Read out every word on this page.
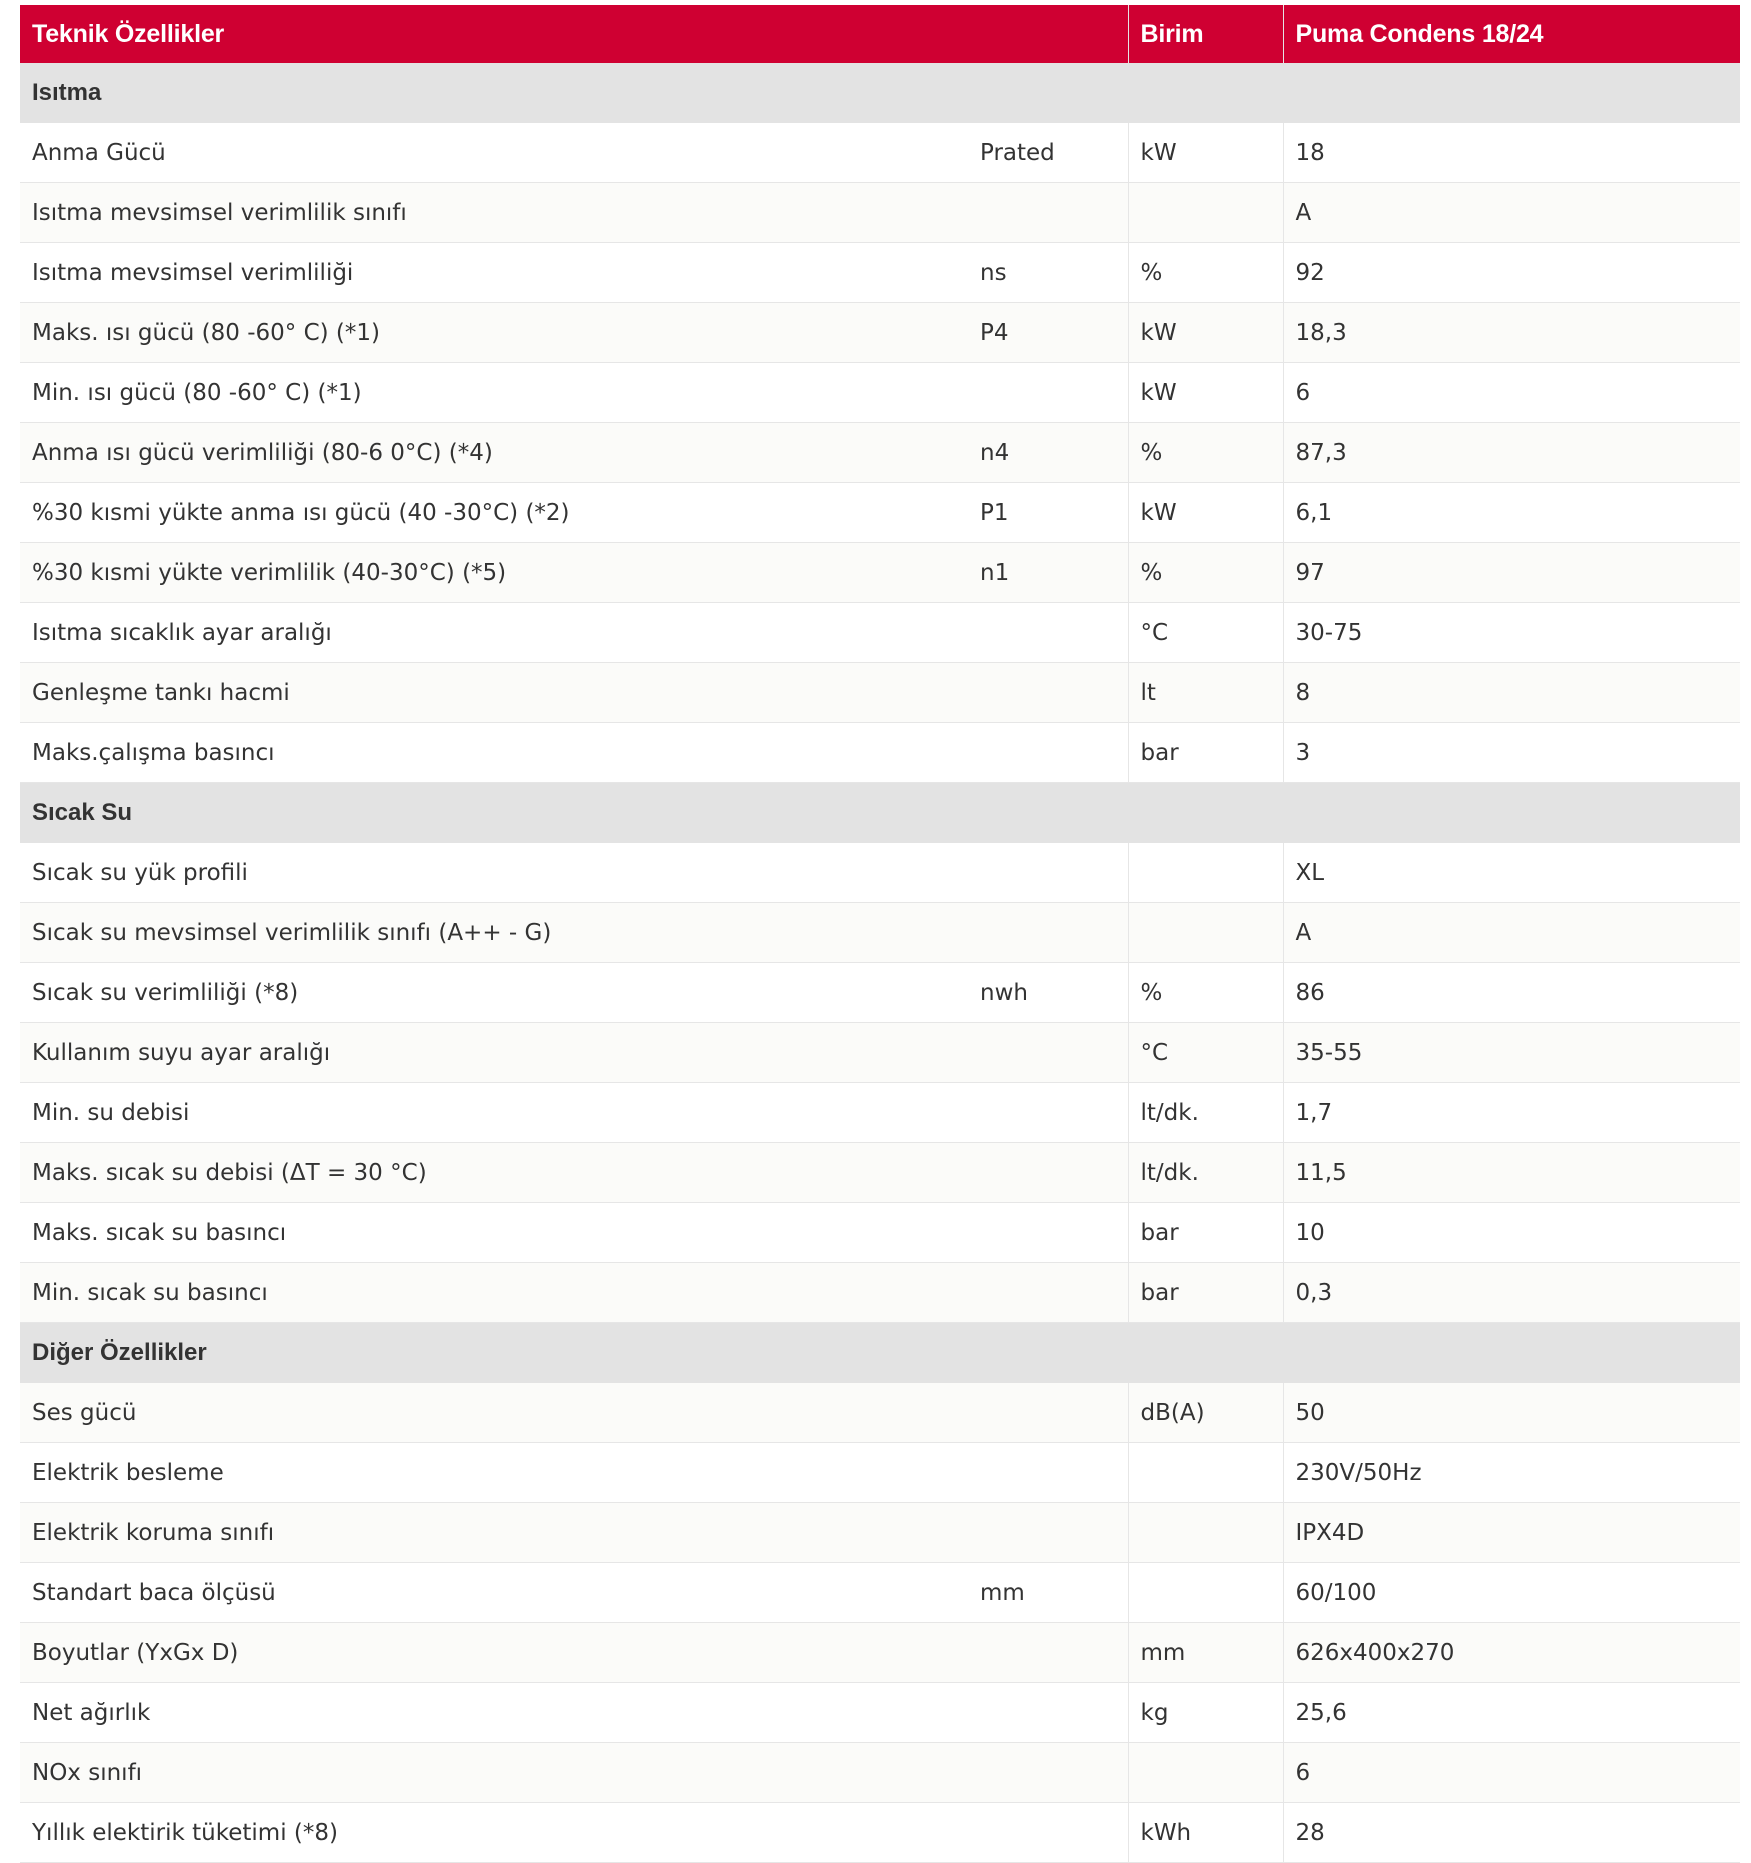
Teknik Özellikler		Birim	Puma Condens 18/24
Isıtma			
Anma Gücü	Prated	kW	18
Isıtma mevsimsel verimlilik sınıfı			A
Isıtma mevsimsel verimliliği	ns	%	92
Maks. ısı gücü (80 -60° C) (*1)	P4	kW	18,3
Min. ısı gücü (80 -60° C) (*1)		kW	6
Anma ısı gücü verimliliği (80-6 0°C) (*4)	n4	%	87,3
%30 kısmi yükte anma ısı gücü (40 -30°C) (*2)	P1	kW	6,1
%30 kısmi yükte verimlilik (40-30°C) (*5)	n1	%	97
Isıtma sıcaklık ayar aralığı		°C	30-75
Genleşme tankı hacmi		lt	8
Maks.çalışma basıncı		bar	3
Sıcak Su			
Sıcak su yük profili			XL
Sıcak su mevsimsel verimlilik sınıfı (A++ - G)			A
Sıcak su verimliliği (*8)	nwh	%	86
Kullanım suyu ayar aralığı		°C	35-55
Min. su debisi		lt/dk.	1,7
Maks. sıcak su debisi (ΔT = 30 °C)		lt/dk.	11,5
Maks. sıcak su basıncı		bar	10
Min. sıcak su basıncı		bar	0,3
Diğer Özellikler			
Ses gücü		dB(A)	50
Elektrik besleme			230V/50Hz
Elektrik koruma sınıfı			IPX4D
Standart baca ölçüsü	mm		60/100
Boyutlar (YxGx D)		mm	626x400x270
Net ağırlık		kg	25,6
NOx sınıfı			6
Yıllık elektirik tüketimi (*8)		kWh	28
